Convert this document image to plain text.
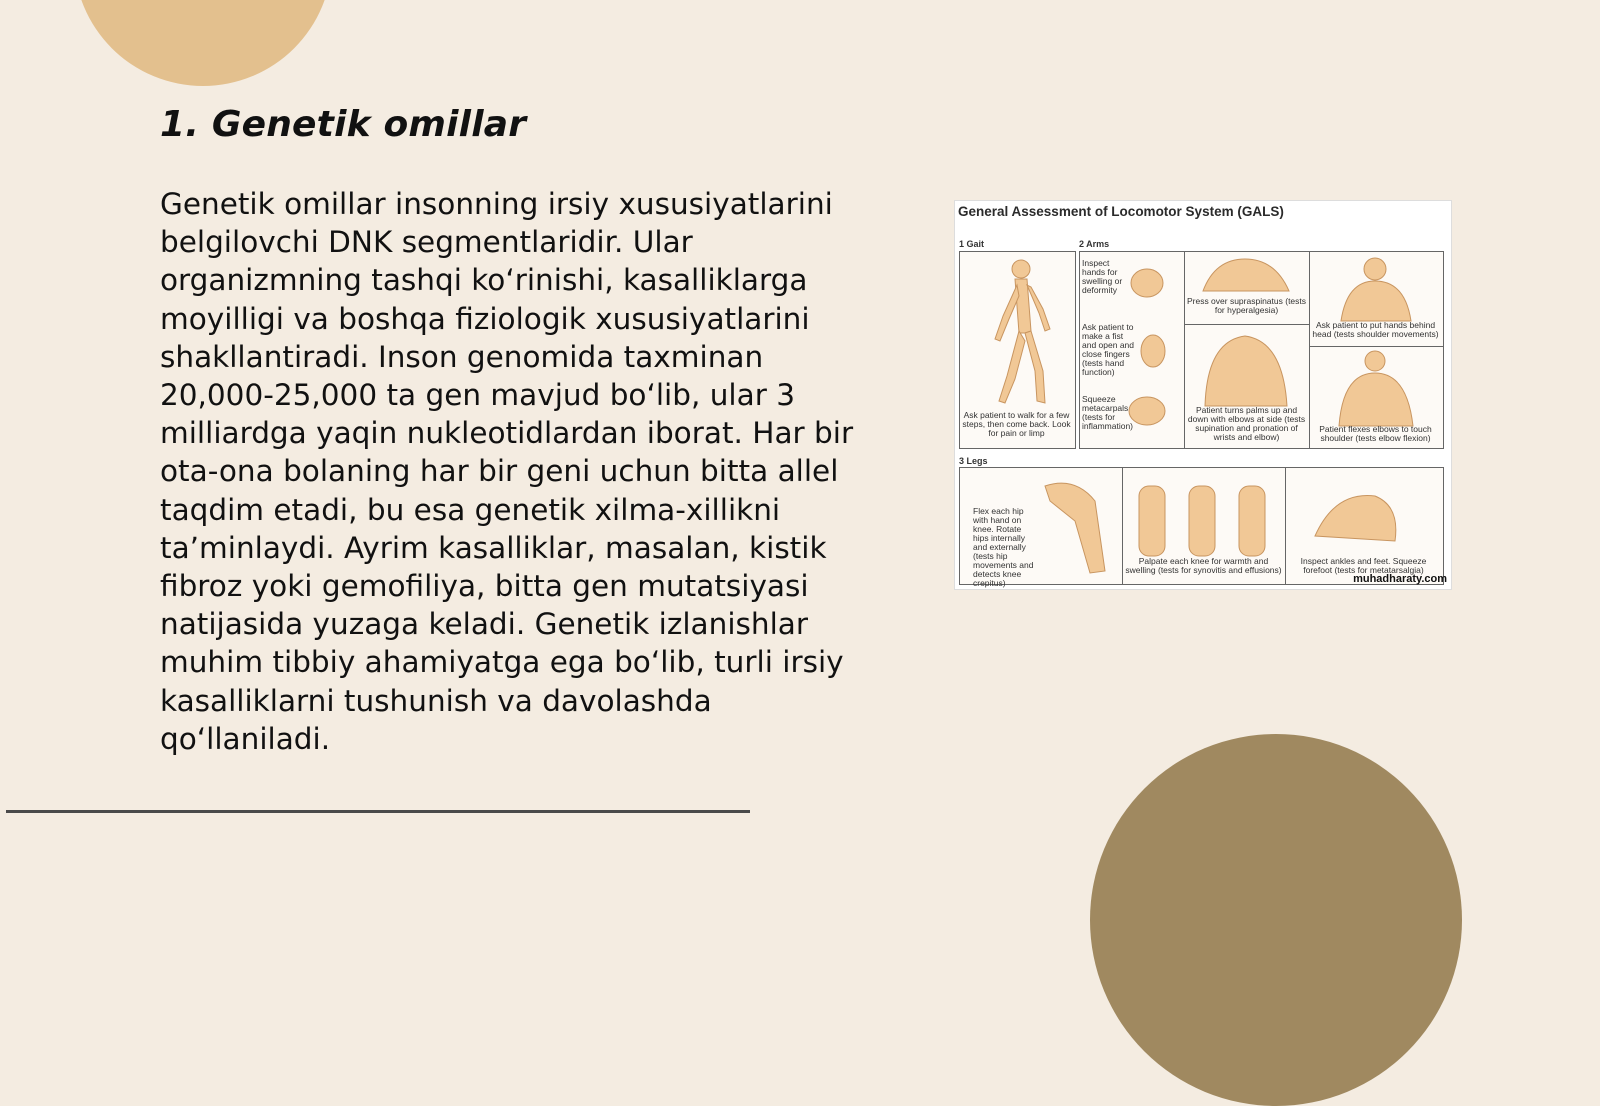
1. Genetik omillar

Genetik omillar insonning irsiy xususiyatlarini belgilovchi DNK segmentlaridir. Ular organizmning tashqi ko‘rinishi, kasalliklarga moyilligi va boshqa fiziologik xususiyatlarini shakllantiradi. Inson genomida taxminan 20,000-25,000 ta gen mavjud bo‘lib, ular 3 milliardga yaqin nukleotidlardan iborat. Har bir ota-ona bolaning har bir geni uchun bitta allel taqdim etadi, bu esa genetik xilma-xillikni ta’minlaydi. Ayrim kasalliklar, masalan, kistik fibroz yoki gemofiliya, bitta gen mutatsiyasi natijasida yuzaga keladi. Genetik izlanishlar muhim tibbiy ahamiyatga ega bo‘lib, turli irsiy kasalliklarni tushunish va davolashda qo‘llaniladi.

General Assessment of Locomotor System (GALS)
1 Gait	2 Arms
3 Legs
Ask patient to walk for a few steps, then come back. Look for pain or limp
Inspect hands for swelling or deformity
Ask patient to make a fist and open and close fingers (tests hand function)
Squeeze metacarpals (tests for inflammation)
Press over supraspinatus (tests for hyperalgesia)
Patient turns palms up and down with elbows at side (tests supination and pronation of wrists and elbow)
Ask patient to put hands behind head (tests shoulder movements)
Patient flexes elbows to touch shoulder (tests elbow flexion)
Flex each hip with hand on knee. Rotate hips internally and externally (tests hip movements and detects knee crepitus)
Palpate each knee for warmth and swelling (tests for synovitis and effusions)
Inspect ankles and feet. Squeeze forefoot (tests for metatarsalgia)
muhadharaty.com
